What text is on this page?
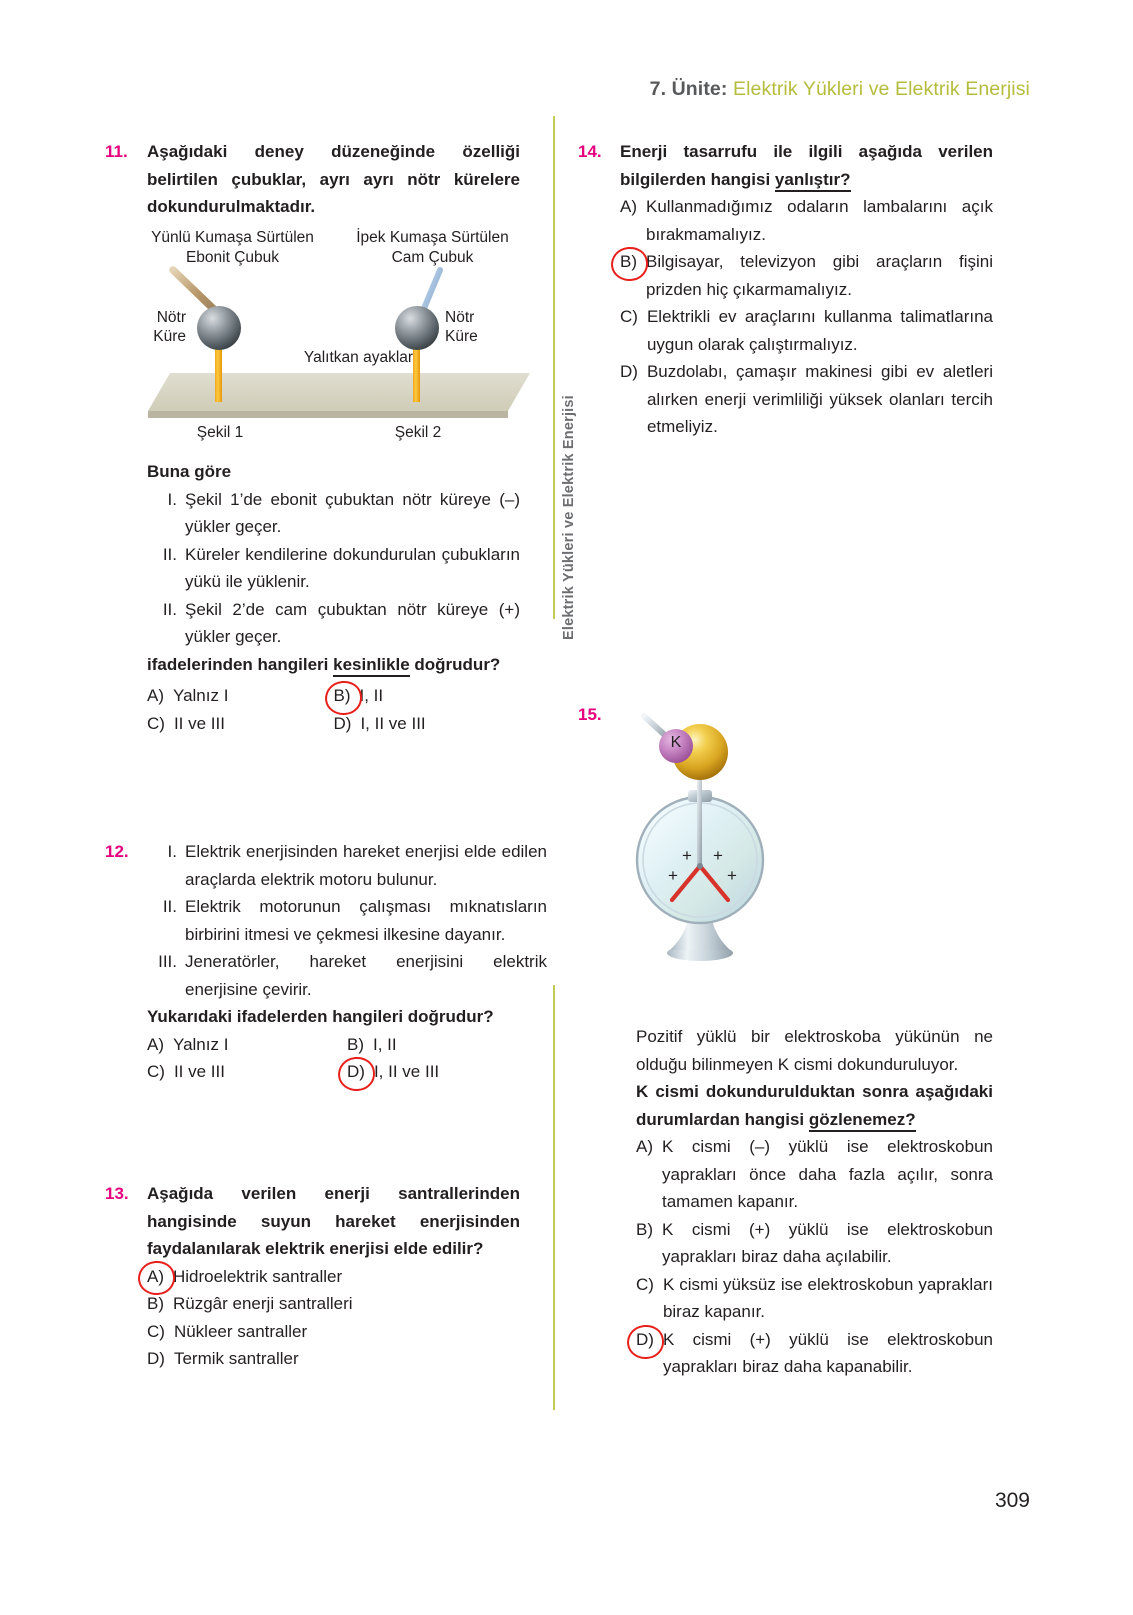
7. Ünite: Elektrik Yükleri ve Elektrik Enerjisi
Elektrik Yükleri ve Elektrik Enerjisi
11.	Aşağıdaki deney düzeneğinde özelliği belirtilen çubuklar, ayrı ayrı nötr kürelere dokundurulmaktadır.
Yünlü Kumaşa Sürtülen
Ebonit Çubuk
İpek Kumaşa Sürtülen
Cam Çubuk
Nötr
Küre
Nötr
Küre
Yalıtkan ayaklar
Şekil 1	Şekil 2
Buna göre
I. Şekil 1’de ebonit çubuktan nötr küreye (–) yükler geçer.
II. Küreler kendilerine dokundurulan çubukların yükü ile yüklenir.
II. Şekil 2’de cam çubuktan nötr küreye (+) yükler geçer.
ifadelerinden hangileri kesinlikle doğrudur?
A) Yalnız I	B) I, II
C) II ve III	D) I, II ve III
12.	I. Elektrik enerjisinden hareket enerjisi elde edilen araçlarda elektrik motoru bulunur.
II. Elektrik motorunun çalışması mıknatısların birbirini itmesi ve çekmesi ilkesine dayanır.
III. Jeneratörler, hareket enerjisini elektrik enerjisine çevirir.
Yukarıdaki ifadelerden hangileri doğrudur?
A) Yalnız I	B) I, II
C) II ve III	D) I, II ve III
13.	Aşağıda verilen enerji santrallerinden hangisinde suyun hareket enerjisinden faydalanılarak elektrik enerjisi elde edilir?
A) Hidroelektrik santraller
B) Rüzgâr enerji santralleri
C) Nükleer santraller
D) Termik santraller
14.	Enerji tasarrufu ile ilgili aşağıda verilen bilgilerden hangisi yanlıştır?
A) Kullanmadığımız odaların lambalarını açık bırakmamalıyız.
B) Bilgisayar, televizyon gibi araçların fişini prizden hiç çıkarmamalıyız.
C) Elektrikli ev araçlarını kullanma talimatlarına uygun olarak çalıştırmalıyız.
D) Buzdolabı, çamaşır makinesi gibi ev aletleri alırken enerji verimliliği yüksek olanları tercih etmeliyiz.
15.
K
+ +
+	+
Pozitif yüklü bir elektroskoba yükünün ne olduğu bilinmeyen K cismi dokunduruluyor.
K cismi dokundurulduktan sonra aşağıdaki durumlardan hangisi gözlenemez?
A) K cismi (–) yüklü ise elektroskobun yaprakları önce daha fazla açılır, sonra tamamen kapanır.
B) K cismi (+) yüklü ise elektroskobun yaprakları biraz daha açılabilir.
C) K cismi yüksüz ise elektroskobun yaprakları biraz kapanır.
D) K cismi (+) yüklü ise elektroskobun yaprakları biraz daha kapanabilir.
309
